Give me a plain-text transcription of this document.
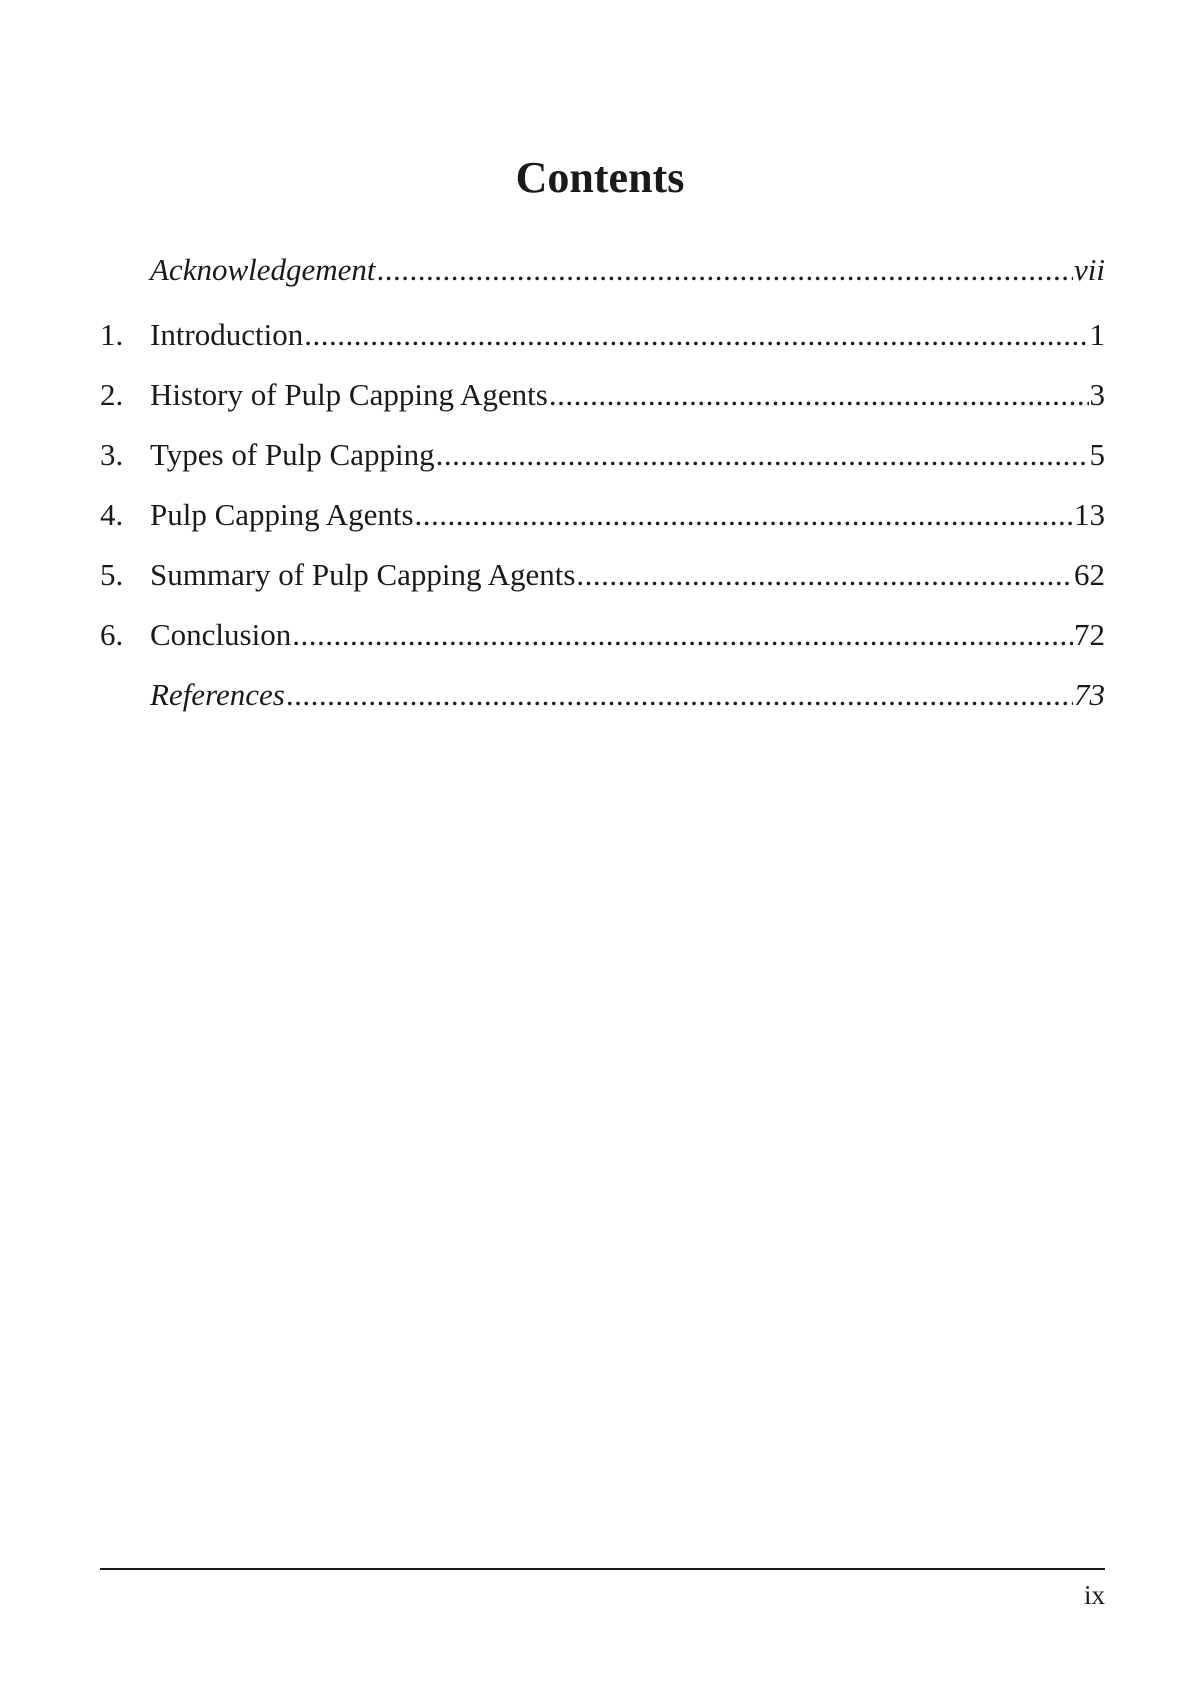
Contents
Acknowledgement .....	vii
1. Introduction .....	1
2. History of Pulp Capping Agents .....	3
3. Types of Pulp Capping .....	5
4. Pulp Capping Agents .....	13
5. Summary of Pulp Capping Agents .....	62
6. Conclusion .....	72
References .....	73
ix
